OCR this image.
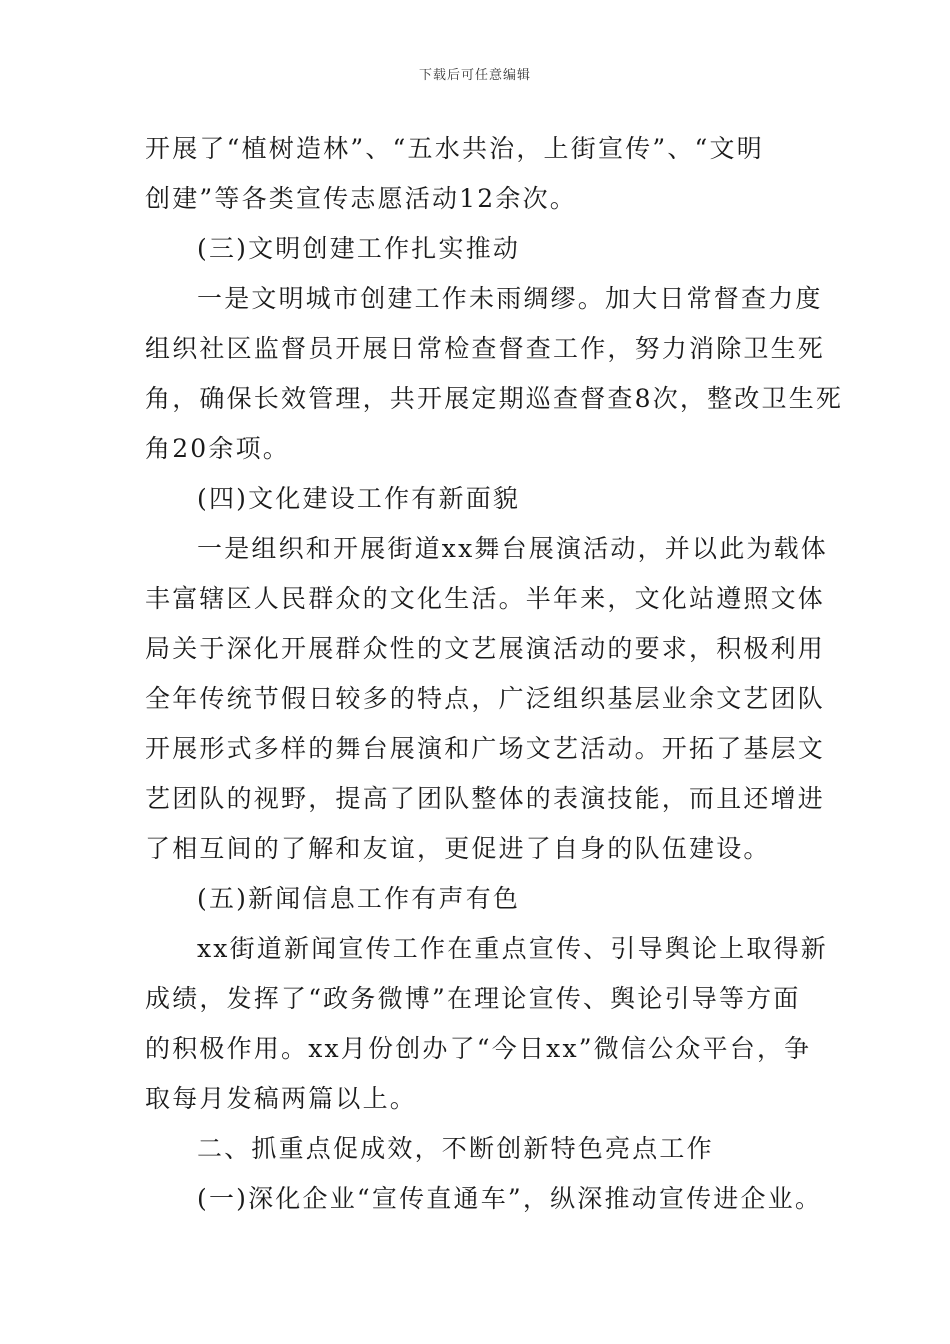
下载后可任意编辑

开展了“植树造林”、“五水共治，上街宣传”、“文明

创建”等各类宣传志愿活动12余次。

(三)文明创建工作扎实推动

一是文明城市创建工作未雨绸缪。加大日常督查力度

组织社区监督员开展日常检查督查工作，努力消除卫生死

角，确保长效管理，共开展定期巡查督查8次，整改卫生死

角20余项。

(四)文化建设工作有新面貌

一是组织和开展街道xx舞台展演活动，并以此为载体

丰富辖区人民群众的文化生活。半年来，文化站遵照文体

局关于深化开展群众性的文艺展演活动的要求，积极利用

全年传统节假日较多的特点，广泛组织基层业余文艺团队

开展形式多样的舞台展演和广场文艺活动。开拓了基层文

艺团队的视野，提高了团队整体的表演技能，而且还增进

了相互间的了解和友谊，更促进了自身的队伍建设。

(五)新闻信息工作有声有色

xx街道新闻宣传工作在重点宣传、引导舆论上取得新

成绩，发挥了“政务微博”在理论宣传、舆论引导等方面

的积极作用。xx月份创办了“今日xx”微信公众平台，争

取每月发稿两篇以上。

二、抓重点促成效，不断创新特色亮点工作

(一)深化企业“宣传直通车”，纵深推动宣传进企业。
